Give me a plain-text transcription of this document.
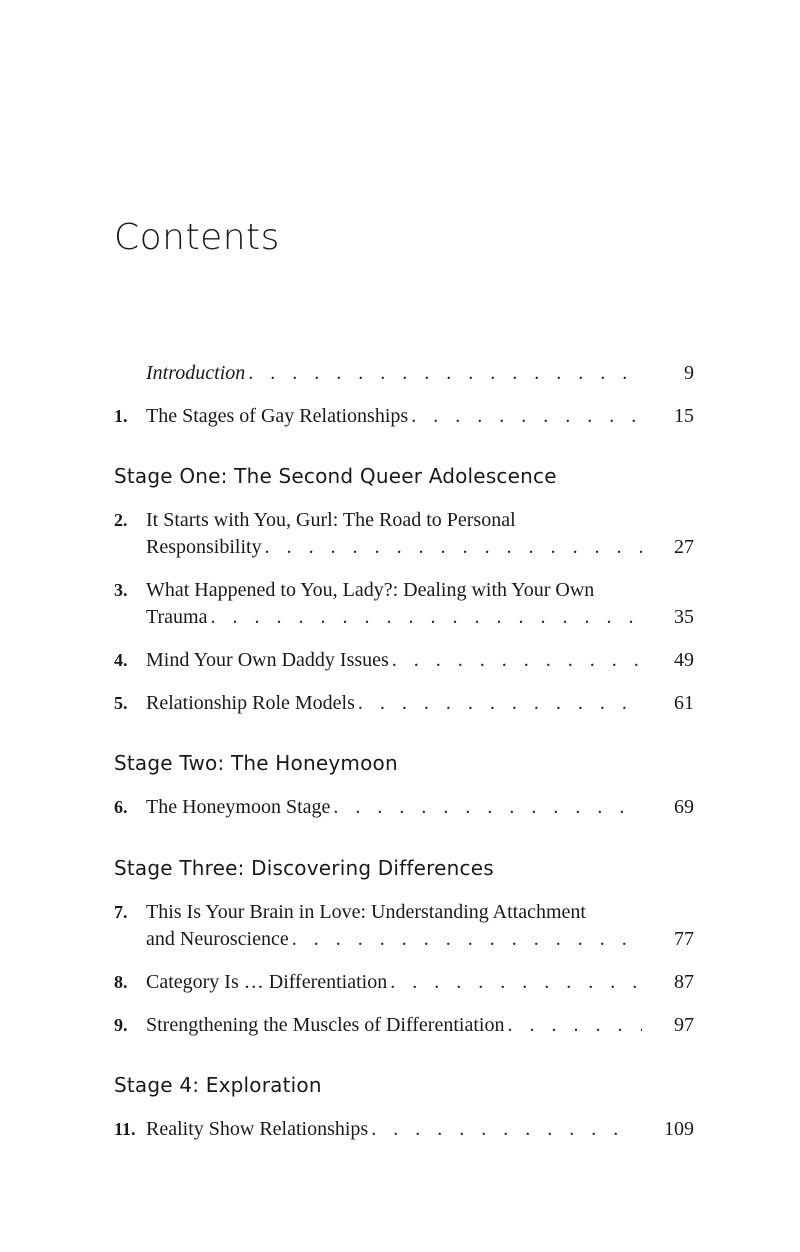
Contents
Introduction . . .	9
1. The Stages of Gay Relationships . . .	15
Stage One: The Second Queer Adolescence
2. It Starts with You, Gurl: The Road to Personal
Responsibility . . .	27
3. What Happened to You, Lady?: Dealing with Your Own
Trauma . . .	35
4. Mind Your Own Daddy Issues . . .	49
5. Relationship Role Models . . .	61
Stage Two: The Honeymoon
6. The Honeymoon Stage . . .	69
Stage Three: Discovering Differences
7. This Is Your Brain in Love: Understanding Attachment
and Neuroscience . . .	77
8. Category Is … Differentiation . . .	87
9. Strengthening the Muscles of Differentiation . . .	97
Stage 4: Exploration
11. Reality Show Relationships . . .	109
